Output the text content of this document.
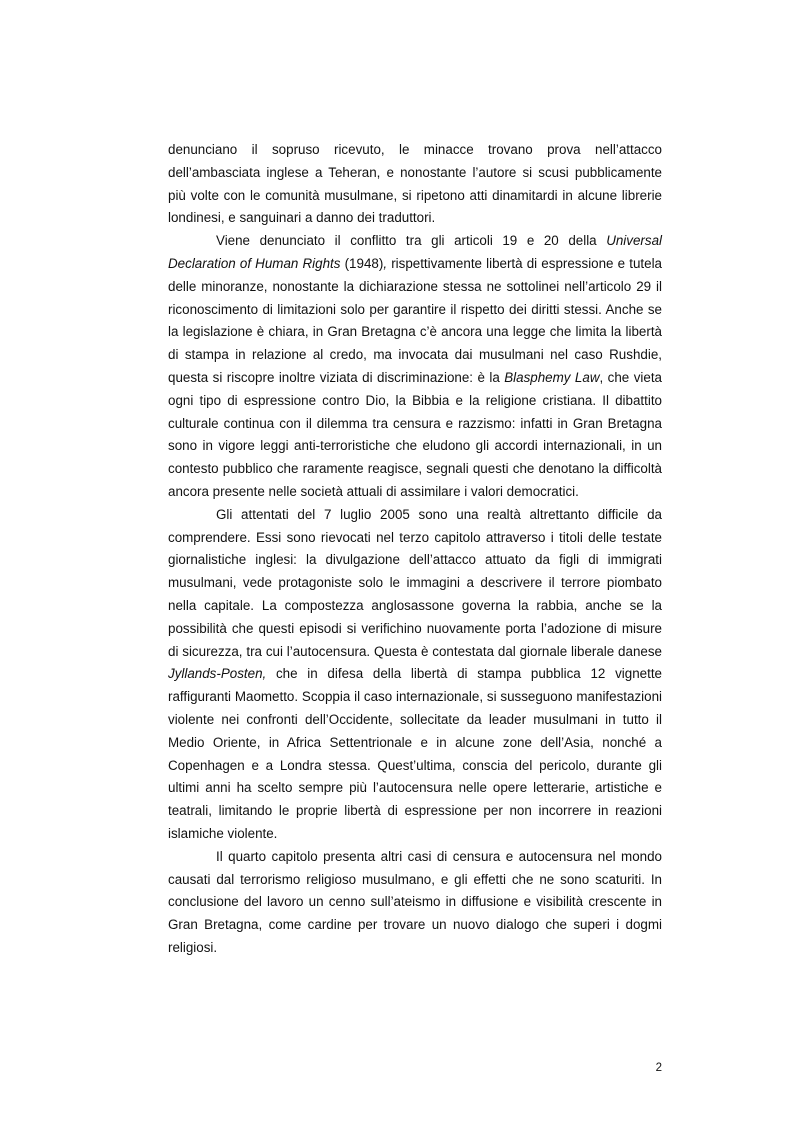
denunciano il sopruso ricevuto, le minacce trovano prova nell’attacco dell’ambasciata inglese a Teheran, e nonostante l’autore si scusi pubblicamente più volte con le comunità musulmane, si ripetono atti dinamitardi in alcune librerie londinesi, e sanguinari a danno dei traduttori.

Viene denunciato il conflitto tra gli articoli 19 e 20 della Universal Declaration of Human Rights (1948), rispettivamente libertà di espressione e tutela delle minoranze, nonostante la dichiarazione stessa ne sottolinei nell’articolo 29 il riconoscimento di limitazioni solo per garantire il rispetto dei diritti stessi. Anche se la legislazione è chiara, in Gran Bretagna c’è ancora una legge che limita la libertà di stampa in relazione al credo, ma invocata dai musulmani nel caso Rushdie, questa si riscopre inoltre viziata di discriminazione: è la Blasphemy Law, che vieta ogni tipo di espressione contro Dio, la Bibbia e la religione cristiana. Il dibattito culturale continua con il dilemma tra censura e razzismo: infatti in Gran Bretagna sono in vigore leggi anti-terroristiche che eludono gli accordi internazionali, in un contesto pubblico che raramente reagisce, segnali questi che denotano la difficoltà ancora presente nelle società attuali di assimilare i valori democratici.

Gli attentati del 7 luglio 2005 sono una realtà altrettanto difficile da comprendere. Essi sono rievocati nel terzo capitolo attraverso i titoli delle testate giornalistiche inglesi: la divulgazione dell’attacco attuato da figli di immigrati musulmani, vede protagoniste solo le immagini a descrivere il terrore piombato nella capitale. La compostezza anglosassone governa la rabbia, anche se la possibilità che questi episodi si verifichino nuovamente porta l’adozione di misure di sicurezza, tra cui l’autocensura. Questa è contestata dal giornale liberale danese Jyllands-Posten, che in difesa della libertà di stampa pubblica 12 vignette raffiguranti Maometto. Scoppia il caso internazionale, si susseguono manifestazioni violente nei confronti dell’Occidente, sollecitate da leader musulmani in tutto il Medio Oriente, in Africa Settentrionale e in alcune zone dell’Asia, nonché a Copenhagen e a Londra stessa. Quest’ultima, conscia del pericolo, durante gli ultimi anni ha scelto sempre più l’autocensura nelle opere letterarie, artistiche e teatrali, limitando le proprie libertà di espressione per non incorrere in reazioni islamiche violente.

Il quarto capitolo presenta altri casi di censura e autocensura nel mondo causati dal terrorismo religioso musulmano, e gli effetti che ne sono scaturiti. In conclusione del lavoro un cenno sull’ateismo in diffusione e visibilità crescente in Gran Bretagna, come cardine per trovare un nuovo dialogo che superi i dogmi religiosi.

2
